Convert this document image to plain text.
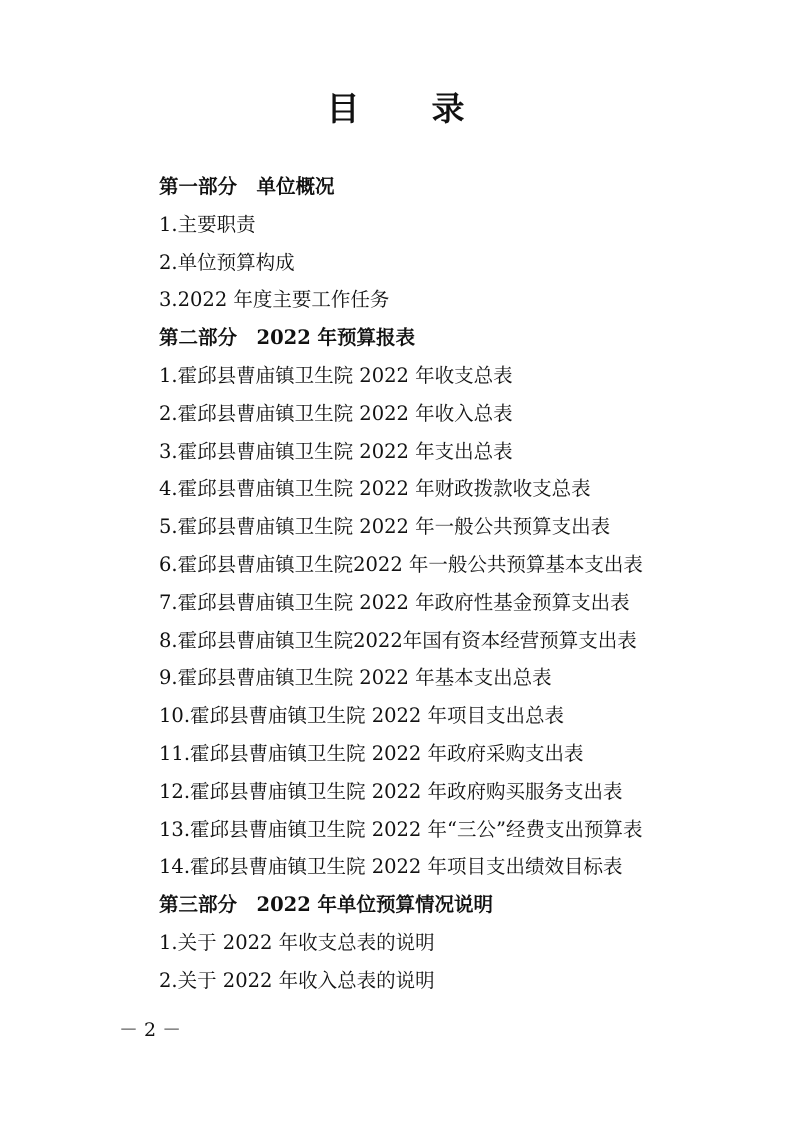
目　　录
第一部分　单位概况
1.主要职责
2.单位预算构成
3.2022 年度主要工作任务
第二部分　2022 年预算报表
1.霍邱县曹庙镇卫生院 2022 年收支总表
2.霍邱县曹庙镇卫生院 2022 年收入总表
3.霍邱县曹庙镇卫生院 2022 年支出总表
4.霍邱县曹庙镇卫生院 2022 年财政拨款收支总表
5.霍邱县曹庙镇卫生院 2022 年一般公共预算支出表
6.霍邱县曹庙镇卫生院2022 年一般公共预算基本支出表
7.霍邱县曹庙镇卫生院 2022 年政府性基金预算支出表
8.霍邱县曹庙镇卫生院2022年国有资本经营预算支出表
9.霍邱县曹庙镇卫生院 2022 年基本支出总表
10.霍邱县曹庙镇卫生院 2022 年项目支出总表
11.霍邱县曹庙镇卫生院 2022 年政府采购支出表
12.霍邱县曹庙镇卫生院 2022 年政府购买服务支出表
13.霍邱县曹庙镇卫生院 2022 年“三公”经费支出预算表
14.霍邱县曹庙镇卫生院 2022 年项目支出绩效目标表
第三部分　2022 年单位预算情况说明
1.关于 2022 年收支总表的说明
2.关于 2022 年收入总表的说明
－ 2 －
